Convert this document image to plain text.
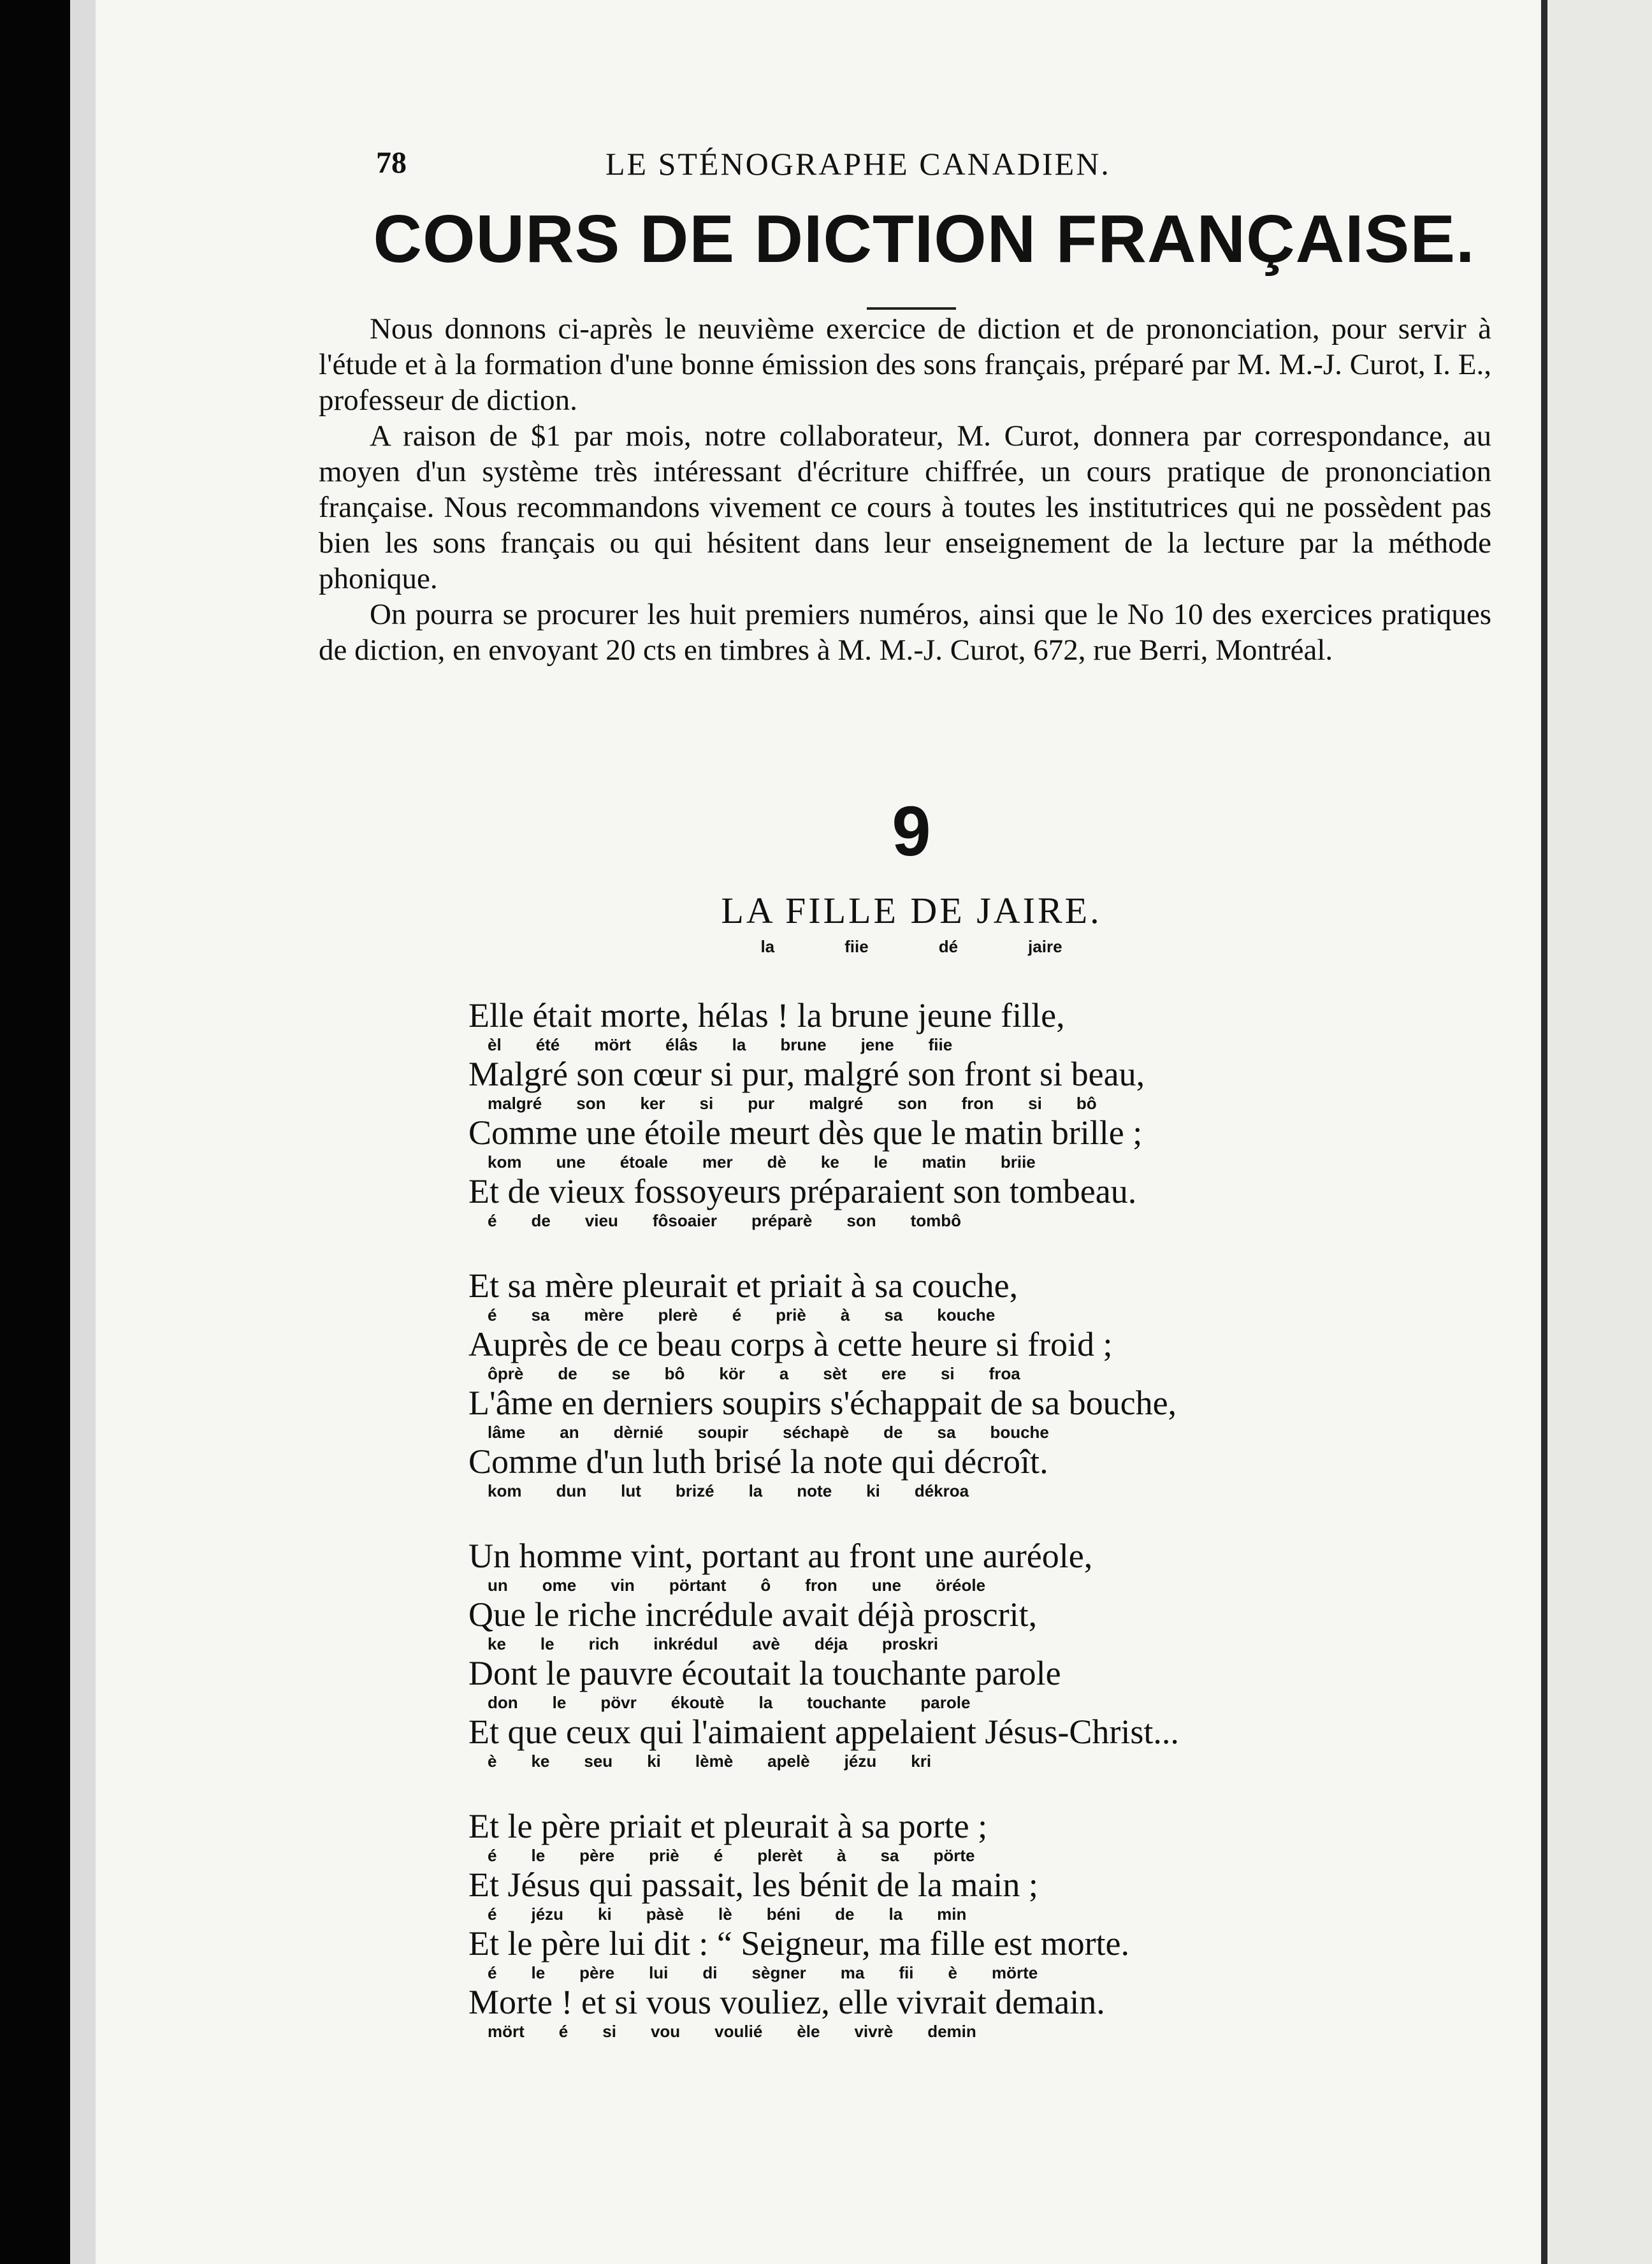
78	LE STÉNOGRAPHE CANADIEN.
COURS DE DICTION FRANÇAISE.

Nous donnons ci-après le neuvième exercice de diction et de prononciation, pour servir à l'étude et à la formation d'une bonne émission des sons français, préparé par M. M.-J. Curot, I. E., professeur de diction.

A raison de $1 par mois, notre collaborateur, M. Curot, donnera par correspondance, au moyen d'un système très intéressant d'écriture chiffrée, un cours pratique de prononciation française. Nous recommandons vivement ce cours à toutes les institutrices qui ne possèdent pas bien les sons français ou qui hésitent dans leur enseignement de la lecture par la méthode phonique.

On pourra se procurer les huit premiers numéros, ainsi que le No 10 des exercices pratiques de diction, en envoyant 20 cts en timbres à M. M.-J. Curot, 672, rue Berri, Montréal.

9
LA FILLE DE JAIRE.
la	fiie	dé	jaire
Elle était morte, hélas ! la brune jeune fille,
èl été mört élâs la brune jene fiie
Malgré son cœur si pur, malgré son front si beau,
malgré son ker si pur malgré son fron si bô
Comme une étoile meurt dès que le matin brille ;
kom une étoale mer dè ke le matin briie
Et de vieux fossoyeurs préparaient son tombeau.
é de vieu fôsoaier préparè son tombô
Et sa mère pleurait et priait à sa couche,
é sa mère plerè é priè à sa kouche
Auprès de ce beau corps à cette heure si froid ;
ôprè de se bô kör a sèt ere si froa
L'âme en derniers soupirs s'échappait de sa bouche,
lâme an dèrnié soupir séchapè de sa bouche
Comme d'un luth brisé la note qui décroît.
kom dun lut brizé la note ki dékroa
Un homme vint, portant au front une auréole,
un ome vin pörtant ô fron une öréole
Que le riche incrédule avait déjà proscrit,
ke le rich inkrédul avè déja proskri
Dont le pauvre écoutait la touchante parole
don le pövr ékoutè la touchante parole
Et que ceux qui l'aimaient appelaient Jésus-Christ...
è ke seu ki lèmè apelè jézu kri
Et le père priait et pleurait à sa porte ;
é le père priè é plerèt à sa pörte
Et Jésus qui passait, les bénit de la main ;
é jézu ki pàsè lè béni de la min
Et le père lui dit : “ Seigneur, ma fille est morte.
é le père lui di sègner ma fii è mörte
Morte ! et si vous vouliez, elle vivrait demain.
mört é si vou voulié èle vivrè demin
